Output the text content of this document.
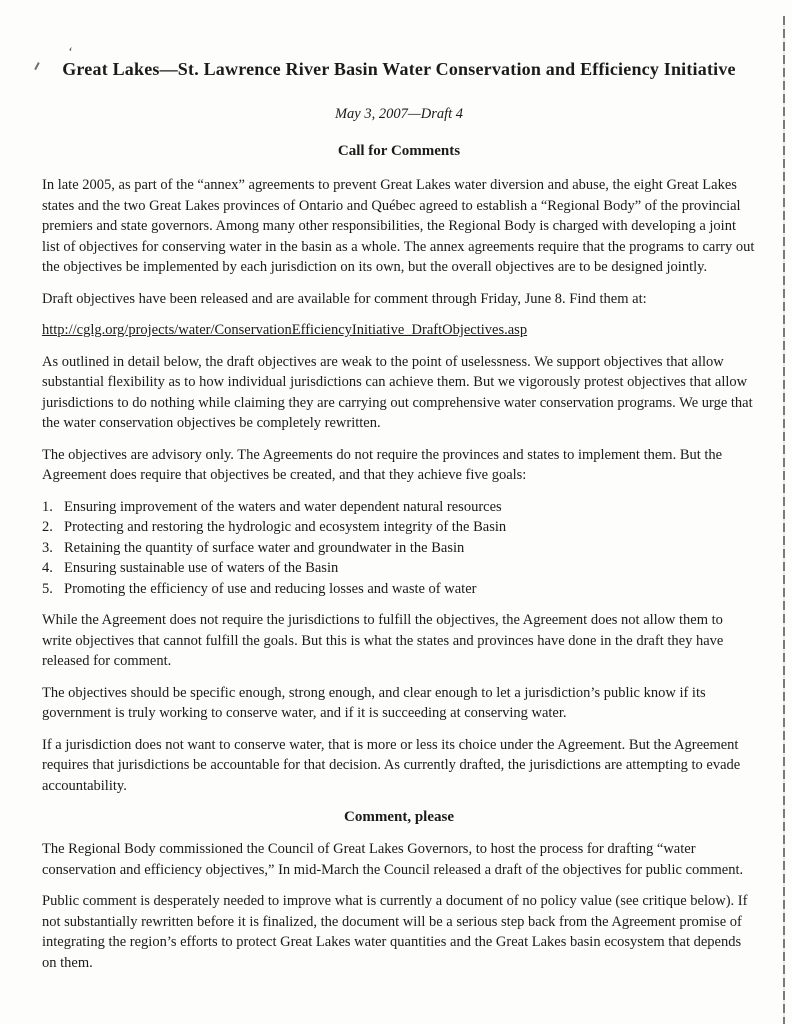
ʻ
Great Lakes—St. Lawrence River Basin Water Conservation and Efficiency Initiative
May 3, 2007—Draft 4
Call for Comments

In late 2005, as part of the “annex” agreements to prevent Great Lakes water diversion and abuse, the eight Great Lakes states and the two Great Lakes provinces of Ontario and Québec agreed to establish a “Regional Body” of the provincial premiers and state governors. Among many other responsibilities, the Regional Body is charged with developing a joint list of objectives for conserving water in the basin as a whole. The annex agreements require that the programs to carry out the objectives be implemented by each jurisdiction on its own, but the overall objectives are to be designed jointly.

Draft objectives have been released and are available for comment through Friday, June 8. Find them at:

http://cglg.org/projects/water/ConservationEfficiencyInitiative_DraftObjectives.asp

As outlined in detail below, the draft objectives are weak to the point of uselessness. We support objectives that allow substantial flexibility as to how individual jurisdictions can achieve them. But we vigorously protest objectives that allow jurisdictions to do nothing while claiming they are carrying out comprehensive water conservation programs. We urge that the water conservation objectives be completely rewritten.

The objectives are advisory only. The Agreements do not require the provinces and states to implement them. But the Agreement does require that objectives be created, and that they achieve five goals:

1. Ensuring improvement of the waters and water dependent natural resources
2. Protecting and restoring the hydrologic and ecosystem integrity of the Basin
3. Retaining the quantity of surface water and groundwater in the Basin
4. Ensuring sustainable use of waters of the Basin
5. Promoting the efficiency of use and reducing losses and waste of water

While the Agreement does not require the jurisdictions to fulfill the objectives, the Agreement does not allow them to write objectives that cannot fulfill the goals. But this is what the states and provinces have done in the draft they have released for comment.

The objectives should be specific enough, strong enough, and clear enough to let a jurisdiction’s public know if its government is truly working to conserve water, and if it is succeeding at conserving water.

If a jurisdiction does not want to conserve water, that is more or less its choice under the Agreement. But the Agreement requires that jurisdictions be accountable for that decision. As currently drafted, the jurisdictions are attempting to evade accountability.

Comment, please

The Regional Body commissioned the Council of Great Lakes Governors, to host the process for drafting “water conservation and efficiency objectives,” In mid-March the Council released a draft of the objectives for public comment.

Public comment is desperately needed to improve what is currently a document of no policy value (see critique below). If not substantially rewritten before it is finalized, the document will be a serious step back from the Agreement promise of integrating the region’s efforts to protect Great Lakes water quantities and the Great Lakes basin ecosystem that depends on them.
